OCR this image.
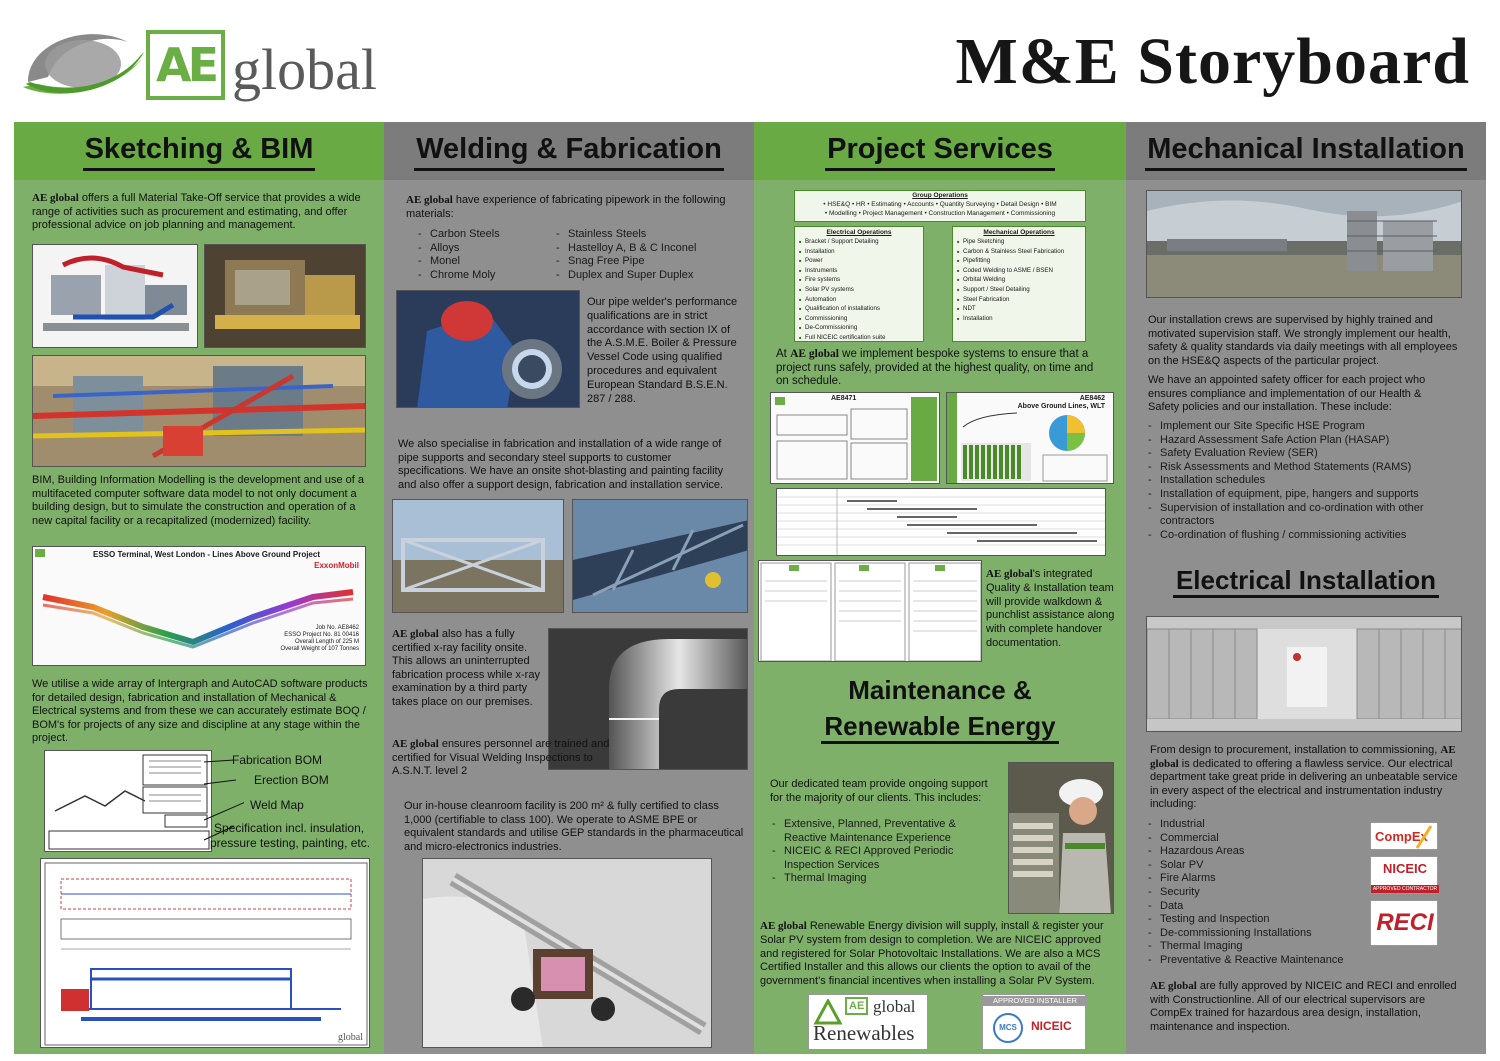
AE global	M&E Storyboard
Sketching & BIM
AE global offers a full Material Take-Off service that provides a wide range of activities such as procurement and estimating, and offer professional advice on job planning and management.
BIM, Building Information Modelling is the development and use of a multifaceted computer software data model to not only document a building design, but to simulate the construction and operation of a new capital facility or a recapitalized (modernized) facility.
ESSO Terminal, West London - Lines Above Ground Project
ExxonMobil
Job No. AE8462
ESSO Project No. 81 00416
Overall Length of 225 M
Overall Weight of 107 Tonnes
We utilise a wide array of Intergraph and AutoCAD software products for detailed design, fabrication and installation of Mechanical & Electrical systems and from these we can accurately estimate BOQ / BOM's for projects of any size and discipline at any stage within the project.
Fabrication BOM
Erection BOM
Weld Map
Specification incl. insulation,
pressure testing, painting, etc.
global
Welding & Fabrication
AE global have experience of fabricating pipework in the following materials:
- Carbon Steels
- Alloys
- Monel
- Chrome Moly
- Stainless Steels
- Hastelloy A, B & C Inconel
- Snag Free Pipe
- Duplex and Super Duplex
Our pipe welder's performance qualifications are in strict accordance with section IX of the A.S.M.E. Boiler & Pressure Vessel Code using qualified procedures and equivalent European Standard B.S.E.N. 287 / 288.
We also specialise in fabrication and installation of a wide range of pipe supports and secondary steel supports to customer specifications. We have an onsite shot-blasting and painting facility and also offer a support design, fabrication and installation service.
AE global also has a fully certified x-ray facility onsite. This allows an uninterrupted fabrication process while x-ray examination by a third party takes place on our premises.
AE global ensures personnel are trained and certified for Visual Welding Inspections to A.S.N.T. level 2
Our in-house cleanroom facility is 200 m² & fully certified to class 1,000 (certifiable to class 100). We operate to ASME BPE or equivalent standards and utilise GEP standards in the pharmaceutical and micro-electronics industries.
Project Services
Group Operations
• HSE&Q • HR • Estimating • Accounts • Quantity Surveying • Detail Design • BIM
• Modelling • Project Management • Construction Management • Commissioning
Electrical Operations
■ Bracket / Support Detailing
■ Installation
■ Power
■ Instruments
■ Fire systems
■ Solar PV systems
■ Automation
■ Qualification of installations
■ Commissioning
■ De-Commissioning
■ Full NICEIC certification suite
Mechanical Operations
■ Pipe Sketching
■ Carbon & Stainless Steel Fabrication
■ Pipefitting
■ Coded Welding to ASME / BSEN
■ Orbital Welding
■ Support / Steel Detailing
■ Steel Fabrication
■ NDT
■ Installation
At AE global we implement bespoke systems to ensure that a project runs safely, provided at the highest quality, on time and on schedule.
AE8471	AE8462
Above Ground Lines, WLT
AE global's integrated Quality & Installation team will provide walkdown & punchlist assistance along with complete handover documentation.
Maintenance &
Renewable Energy
Our dedicated team provide ongoing support for the majority of our clients. This includes:
- Extensive, Planned, Preventative & Reactive Maintenance Experience
- NICEIC & RECI Approved Periodic Inspection Services
- Thermal Imaging
AE global Renewable Energy division will supply, install & register your Solar PV system from design to completion. We are NICEIC approved and registered for Solar Photovoltaic Installations. We are also a MCS Certified Installer and this allows our clients the option to avail of the government's financial incentives when installing a Solar PV System.
AE global
Renewables
APPROVED INSTALLER
MCS	NICEIC
Mechanical Installation
Our installation crews are supervised by highly trained and motivated supervision staff. We strongly implement our health, safety & quality standards via daily meetings with all employees on the HSE&Q aspects of the particular project.
We have an appointed safety officer for each project who ensures compliance and implementation of our Health & Safety policies and our installation. These include:
- Implement our Site Specific HSE Program
- Hazard Assessment Safe Action Plan (HASAP)
- Safety Evaluation Review (SER)
- Risk Assessments and Method Statements (RAMS)
- Installation schedules
- Installation of equipment, pipe, hangers and supports
- Supervision of installation and co-ordination with other contractors
- Co-ordination of flushing / commissioning activities
Electrical Installation
From design to procurement, installation to commissioning, AE global is dedicated to offering a flawless service. Our electrical department take great pride in delivering an unbeatable service in every aspect of the electrical and instrumentation industry including:
- Industrial
- Commercial
- Hazardous Areas
- Solar PV
- Fire Alarms
- Security
- Data
- Testing and Inspection
- De-commissioning Installations
- Thermal Imaging
- Preventative & Reactive Maintenance
CompEx
NICEIC
APPROVED CONTRACTOR
RECI
AE global are fully approved by NICEIC and RECI and enrolled with Constructionline. All of our electrical supervisors are CompEx trained for hazardous area design, installation, maintenance and inspection.
